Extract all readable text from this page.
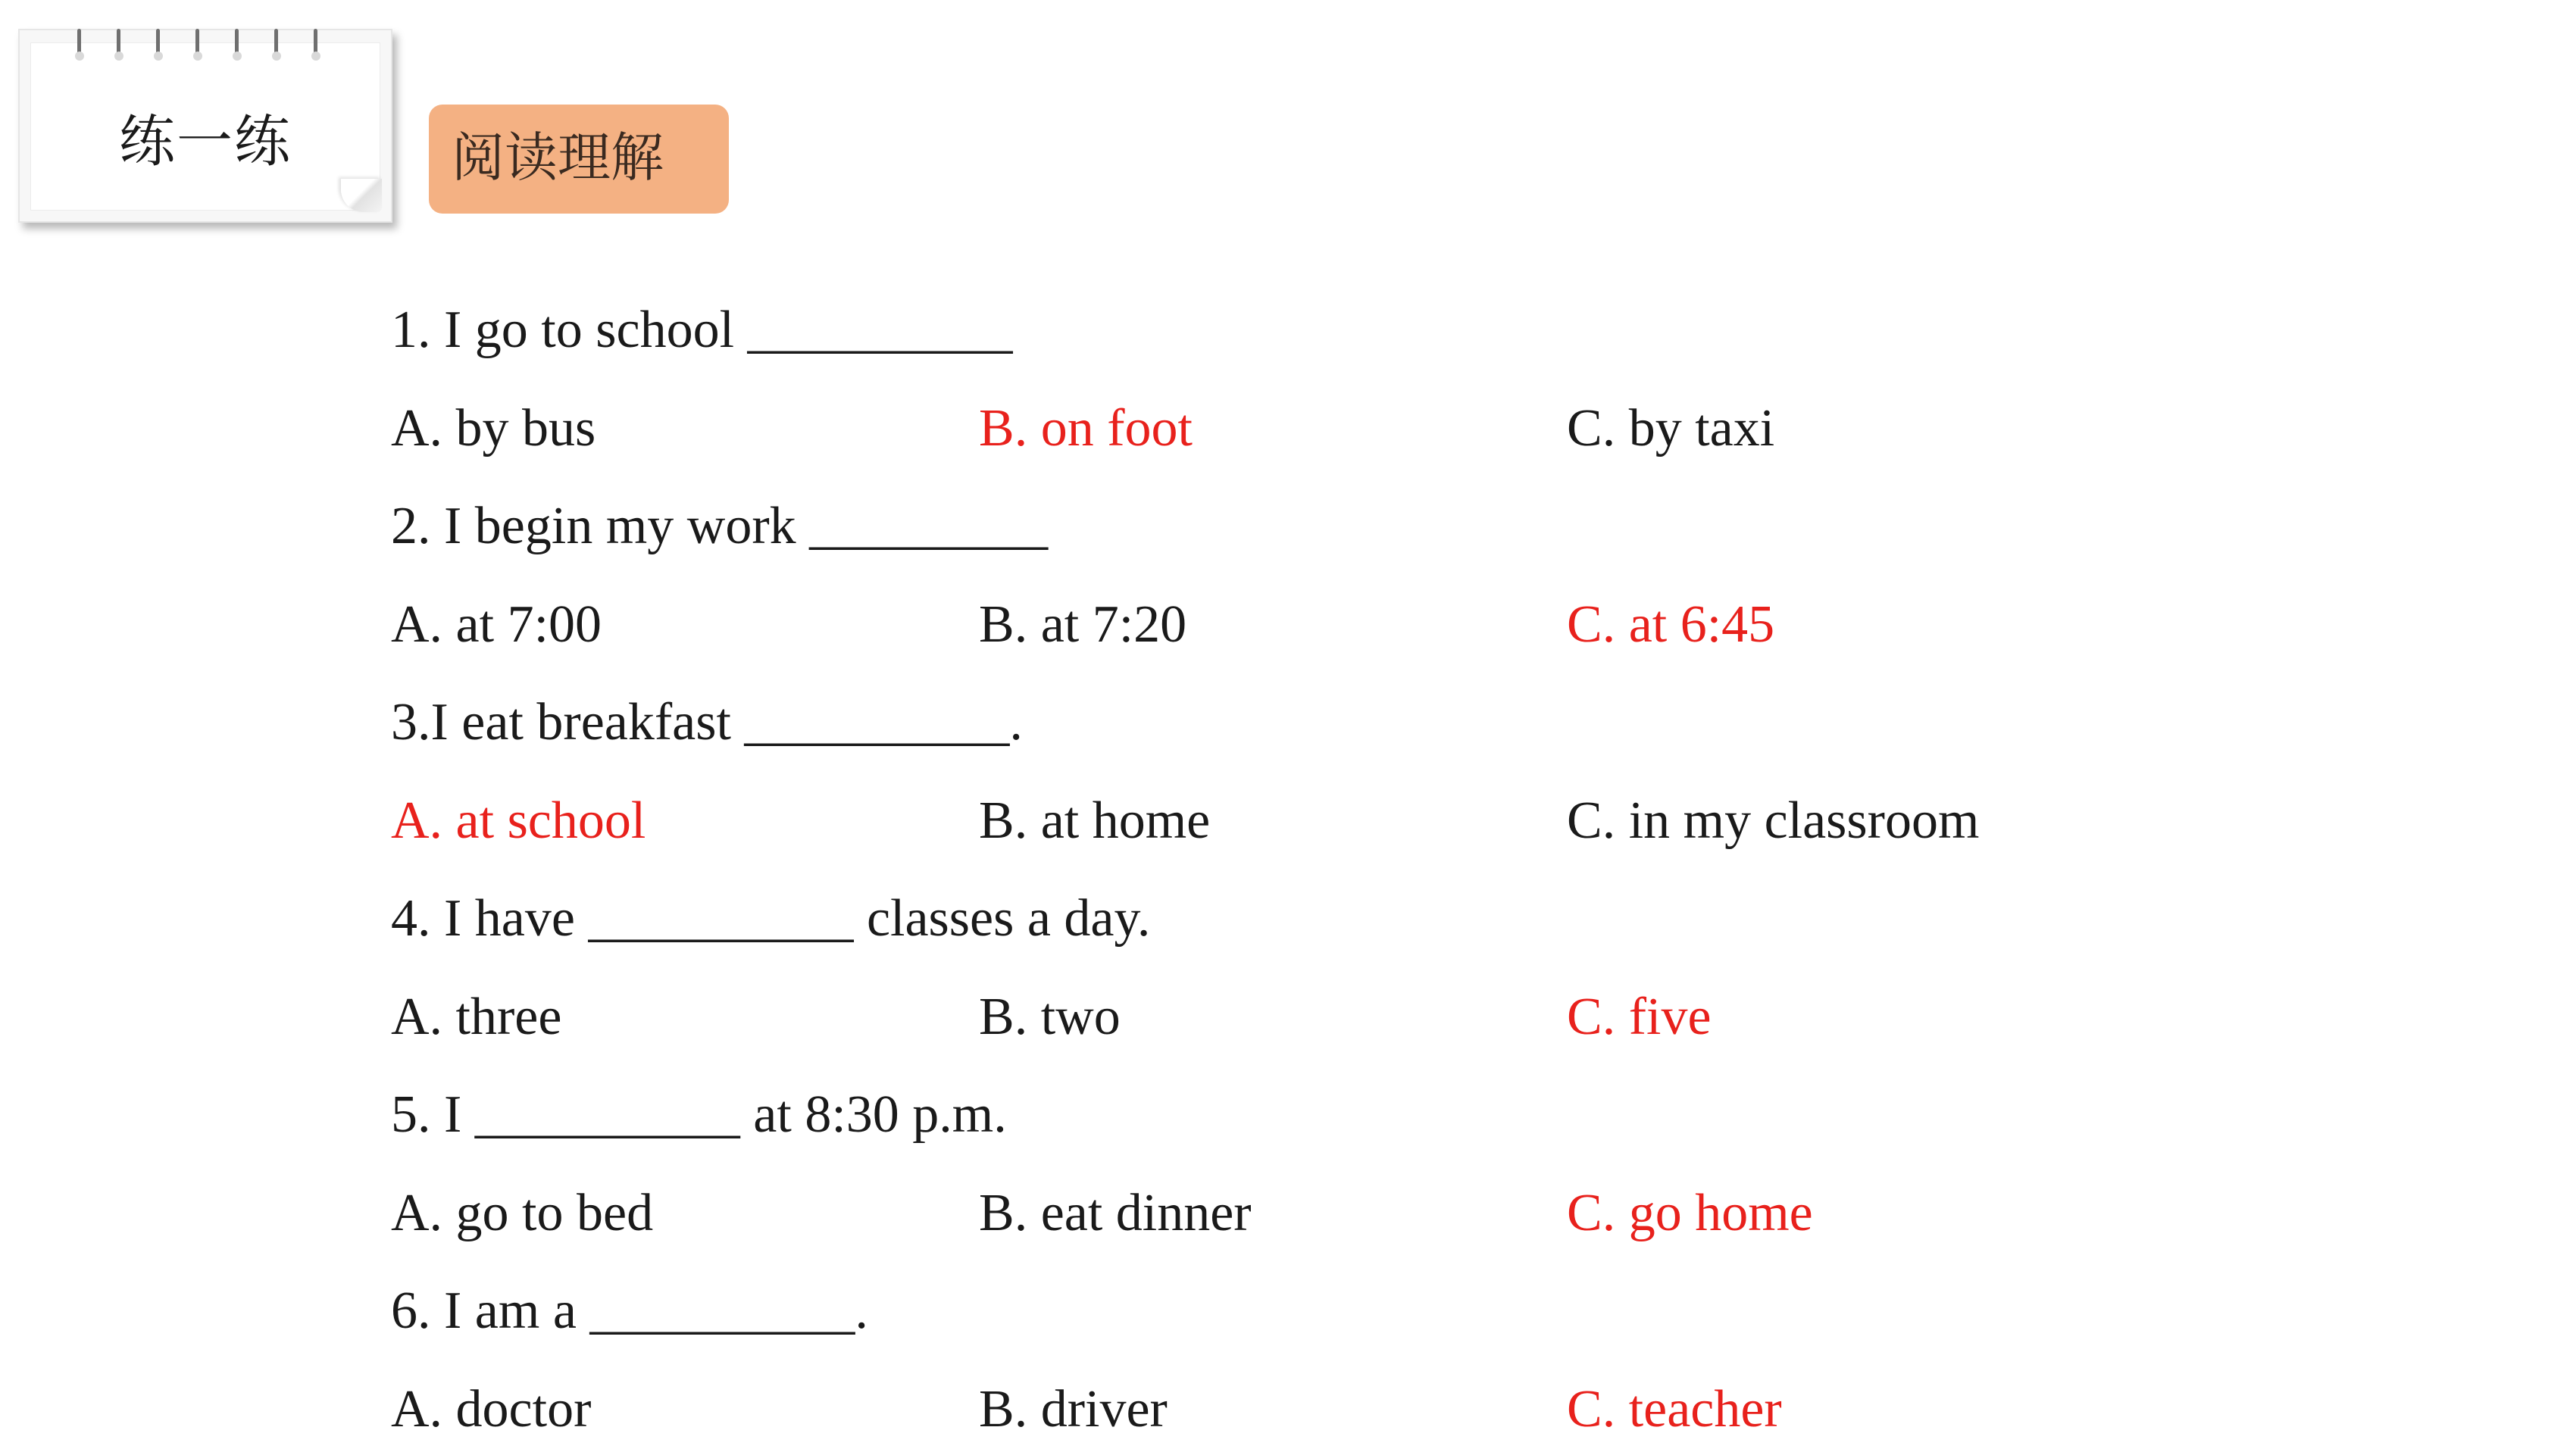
练一练	阅读理解

1. I go to school __________

A. by bus

	B. on foot

	C. by taxi

2. I begin my work _________

A. at 7:00

	B. at 7:20

	C. at 6:45

3.I eat breakfast __________.

A. at school

	B. at home

	C. in my classroom

4. I have __________ classes a day.

A. three

	B. two

	C. five

5. I __________ at 8:30 p.m.

A. go to bed

	B. eat dinner

	C. go home

6. I am a __________.

A. doctor

	B. driver

	C. teacher
